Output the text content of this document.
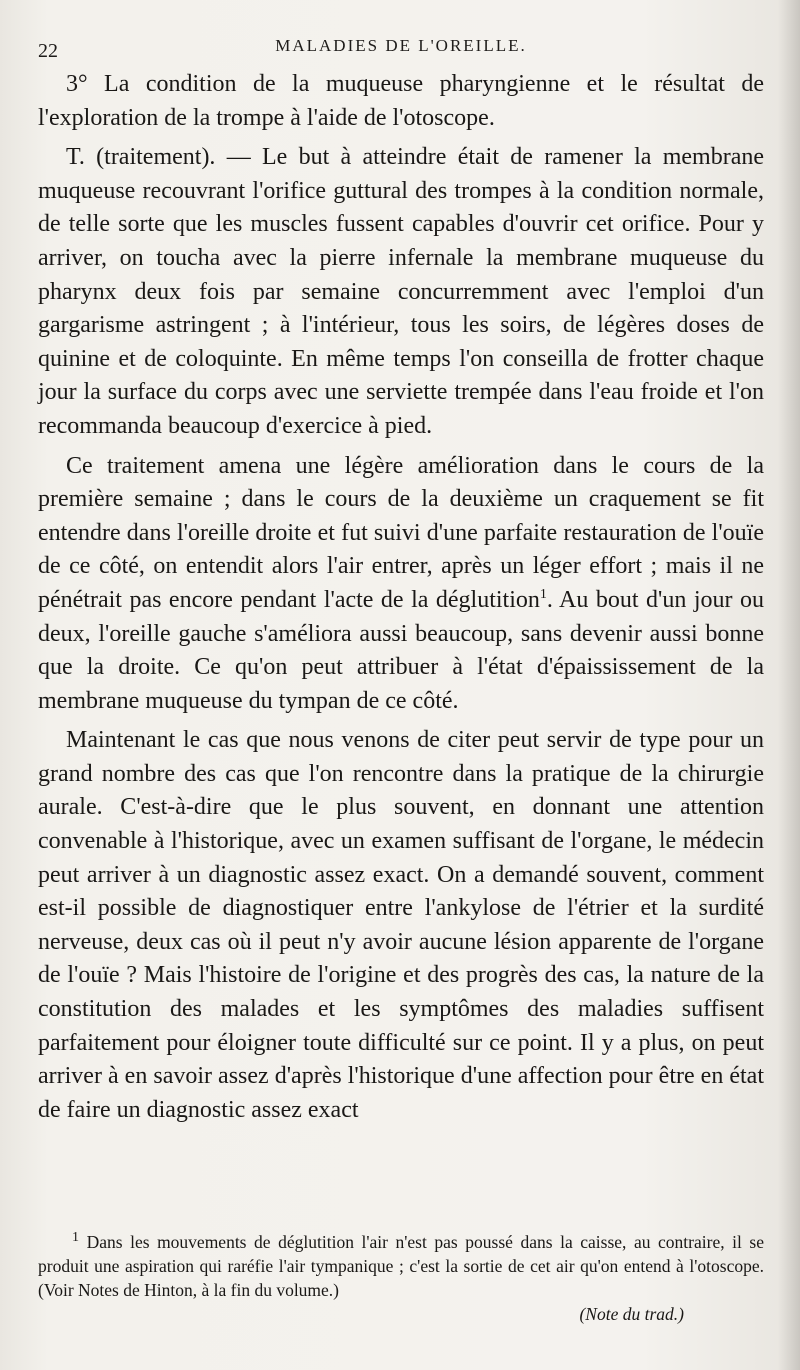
22	MALADIES DE L'OREILLE.

3° La condition de la muqueuse pharyngienne et le résultat de l'exploration de la trompe à l'aide de l'otoscope.

T. (traitement). — Le but à atteindre était de ramener la membrane muqueuse recouvrant l'orifice guttural des trompes à la condition normale, de telle sorte que les muscles fussent capables d'ouvrir cet orifice. Pour y arriver, on toucha avec la pierre infernale la membrane muqueuse du pharynx deux fois par semaine concurremment avec l'emploi d'un gargarisme astringent ; à l'intérieur, tous les soirs, de légères doses de quinine et de coloquinte. En même temps l'on conseilla de frotter chaque jour la surface du corps avec une serviette trempée dans l'eau froide et l'on recommanda beaucoup d'exercice à pied.

Ce traitement amena une légère amélioration dans le cours de la première semaine ; dans le cours de la deuxième un craquement se fit entendre dans l'oreille droite et fut suivi d'une parfaite restauration de l'ouïe de ce côté, on entendit alors l'air entrer, après un léger effort ; mais il ne pénétrait pas encore pendant l'acte de la déglutition$^1$. Au bout d'un jour ou deux, l'oreille gauche s'améliora aussi beaucoup, sans devenir aussi bonne que la droite. Ce qu'on peut attribuer à l'état d'épaississement de la membrane muqueuse du tympan de ce côté.

Maintenant le cas que nous venons de citer peut servir de type pour un grand nombre des cas que l'on rencontre dans la pratique de la chirurgie aurale. C'est-à-dire que le plus souvent, en donnant une attention convenable à l'historique, avec un examen suffisant de l'organe, le médecin peut arriver à un diagnostic assez exact. On a demandé souvent, comment est-il possible de diagnostiquer entre l'ankylose de l'étrier et la surdité nerveuse, deux cas où il peut n'y avoir aucune lésion apparente de l'organe de l'ouïe ? Mais l'histoire de l'origine et des progrès des cas, la nature de la constitution des malades et les symptômes des maladies suffisent parfaitement pour éloigner toute difficulté sur ce point. Il y a plus, on peut arriver à en savoir assez d'après l'historique d'une affection pour être en état de faire un diagnostic assez exact

$^1$ Dans les mouvements de déglutition l'air n'est pas poussé dans la caisse, au contraire, il se produit une aspiration qui raréfie l'air tympanique ; c'est la sortie de cet air qu'on entend à l'otoscope. (Voir Notes de Hinton, à la fin du volume.)
(Note du trad.)
